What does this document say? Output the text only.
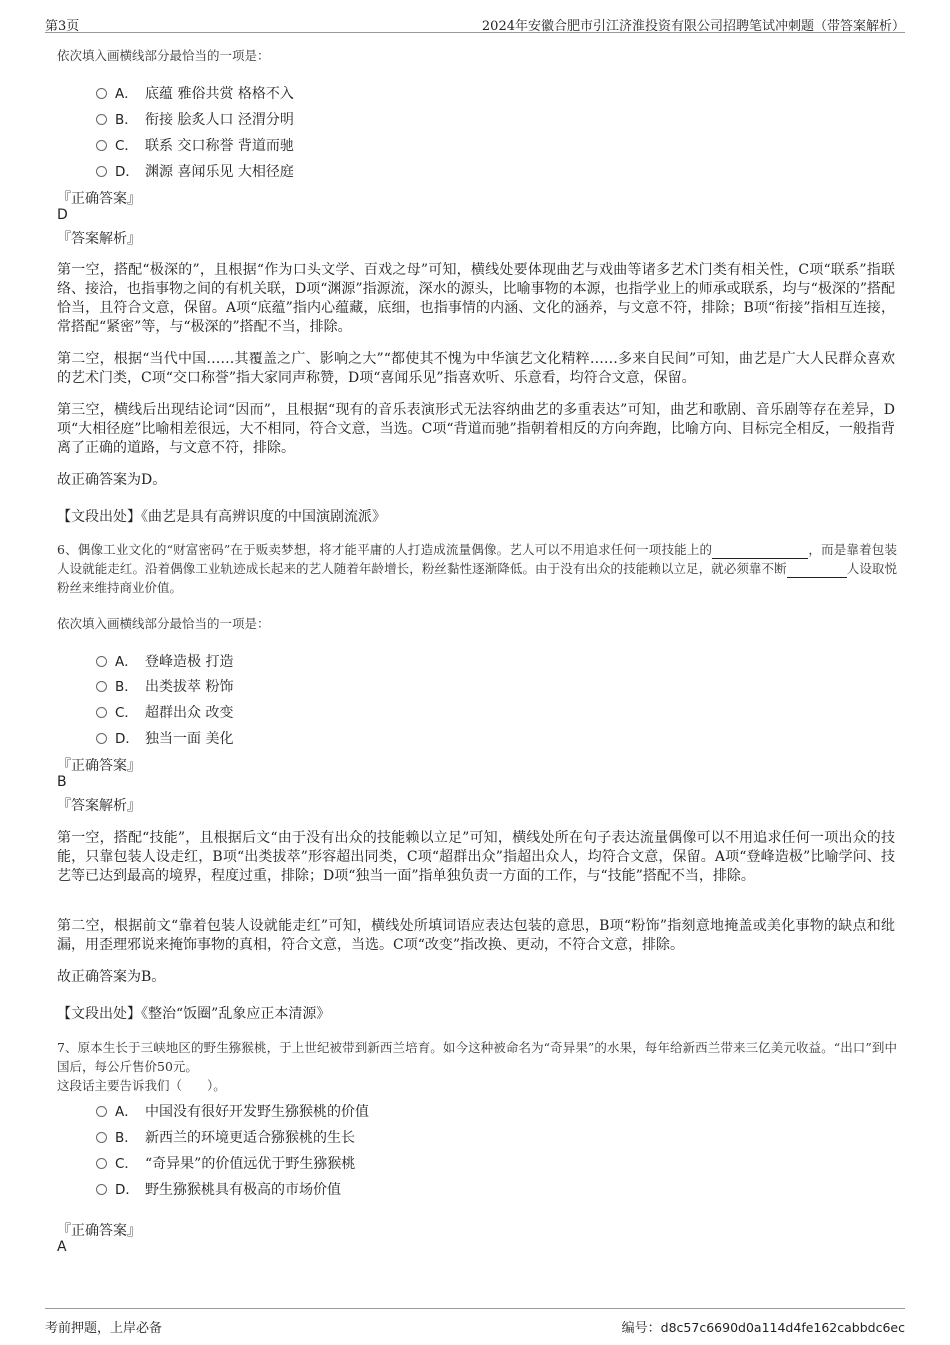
第3页	2024年安徽合肥市引江济淮投资有限公司招聘笔试冲刺题（带答案解析）
依次填入画横线部分最恰当的一项是：
A． 底蕴 雅俗共赏 格格不入
B． 衔接 脍炙人口 泾渭分明
C． 联系 交口称誉 背道而驰
D． 渊源 喜闻乐见 大相径庭
『正确答案』
D
『答案解析』
第一空，搭配“极深的”，且根据“作为口头文学、百戏之母”可知，横线处要体现曲艺与戏曲等诸多艺术门类有相关性，C项“联系”指联络、接洽，也指事物之间的有机关联，D项“渊源”指源流，深水的源头，比喻事物的本源，也指学业上的师承或联系，均与“极深的”搭配恰当，且符合文意，保留。A项“底蕴”指内心蕴藏，底细，也指事情的内涵、文化的涵养，与文意不符，排除；B项“衔接”指相互连接，常搭配“紧密”等，与“极深的”搭配不当，排除。
第二空，根据“当代中国……其覆盖之广、影响之大”“都使其不愧为中华演艺文化精粹……多来自民间”可知，曲艺是广大人民群众喜欢的艺术门类，C项“交口称誉”指大家同声称赞，D项“喜闻乐见”指喜欢听、乐意看，均符合文意，保留。
第三空，横线后出现结论词“因而”，且根据“现有的音乐表演形式无法容纳曲艺的多重表达”可知，曲艺和歌剧、音乐剧等存在差异，D项“大相径庭”比喻相差很远，大不相同，符合文意，当选。C项“背道而驰”指朝着相反的方向奔跑，比喻方向、目标完全相反，一般指背离了正确的道路，与文意不符，排除。
故正确答案为D。
【文段出处】《曲艺是具有高辨识度的中国演剧流派》
6、偶像工业文化的“财富密码”在于贩卖梦想，将才能平庸的人打造成流量偶像。艺人可以不用追求任何一项技能上的	，而是靠着包装人设就能走红。沿着偶像工业轨迹成长起来的艺人随着年龄增长，粉丝黏性逐渐降低。由于没有出众的技能赖以立足，就必须靠不断	人设取悦粉丝来维持商业价值。
依次填入画横线部分最恰当的一项是：
A． 登峰造极 打造
B． 出类拔萃 粉饰
C． 超群出众 改变
D． 独当一面 美化
『正确答案』
B
『答案解析』
第一空，搭配“技能”，且根据后文“由于没有出众的技能赖以立足”可知，横线处所在句子表达流量偶像可以不用追求任何一项出众的技能，只靠包装人设走红，B项“出类拔萃”形容超出同类，C项“超群出众”指超出众人，均符合文意，保留。A项“登峰造极”比喻学问、技艺等已达到最高的境界，程度过重，排除；D项“独当一面”指单独负责一方面的工作，与“技能”搭配不当，排除。
第二空，根据前文“靠着包装人设就能走红”可知，横线处所填词语应表达包装的意思，B项“粉饰”指刻意地掩盖或美化事物的缺点和纰漏，用歪理邪说来掩饰事物的真相，符合文意，当选。C项“改变”指改换、更动，不符合文意，排除。
故正确答案为B。
【文段出处】《整治“饭圈”乱象应正本清源》
7、原本生长于三峡地区的野生猕猴桃，于上世纪被带到新西兰培育。如今这种被命名为“奇异果”的水果，每年给新西兰带来三亿美元收益。“出口”到中国后，每公斤售价50元。
这段话主要告诉我们（　　）。
A． 中国没有很好开发野生猕猴桃的价值
B． 新西兰的环境更适合猕猴桃的生长
C． “奇异果”的价值远优于野生猕猴桃
D． 野生猕猴桃具有极高的市场价值
『正确答案』
A
考前押题，上岸必备	编号：d8c57c6690d0a114d4fe162cabbdc6ec
